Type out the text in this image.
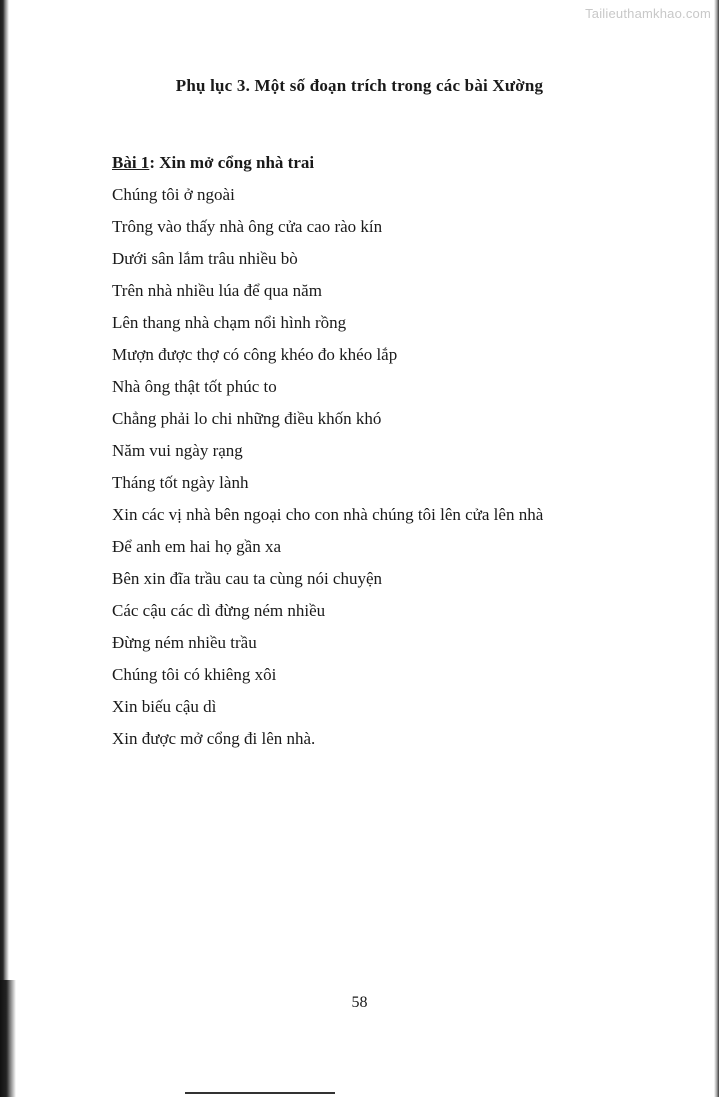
Tailieuthamkhao.com
Phụ lục 3. Một số đoạn trích trong các bài Xường
Bài 1: Xin mở cổng nhà trai
Chúng tôi ở ngoài
Trông vào thấy nhà ông cửa cao rào kín
Dưới sân lắm trâu nhiều bò
Trên nhà nhiều lúa để qua năm
Lên thang nhà chạm nổi hình rồng
Mượn được thợ có công khéo đo khéo lắp
Nhà ông thật tốt phúc to
Chẳng phải lo chi những điều khốn khó
Năm vui ngày rạng
Tháng tốt ngày lành
Xin các vị nhà bên ngoại cho con nhà chúng tôi lên cửa lên nhà
Để anh em hai họ gần xa
Bên xin đĩa trầu cau ta cùng nói chuyện
Các cậu các dì đừng ném nhiều
Đừng ném nhiều trầu
Chúng tôi có khiêng xôi
Xin biếu cậu dì
Xin được mở cổng đi lên nhà.
58
